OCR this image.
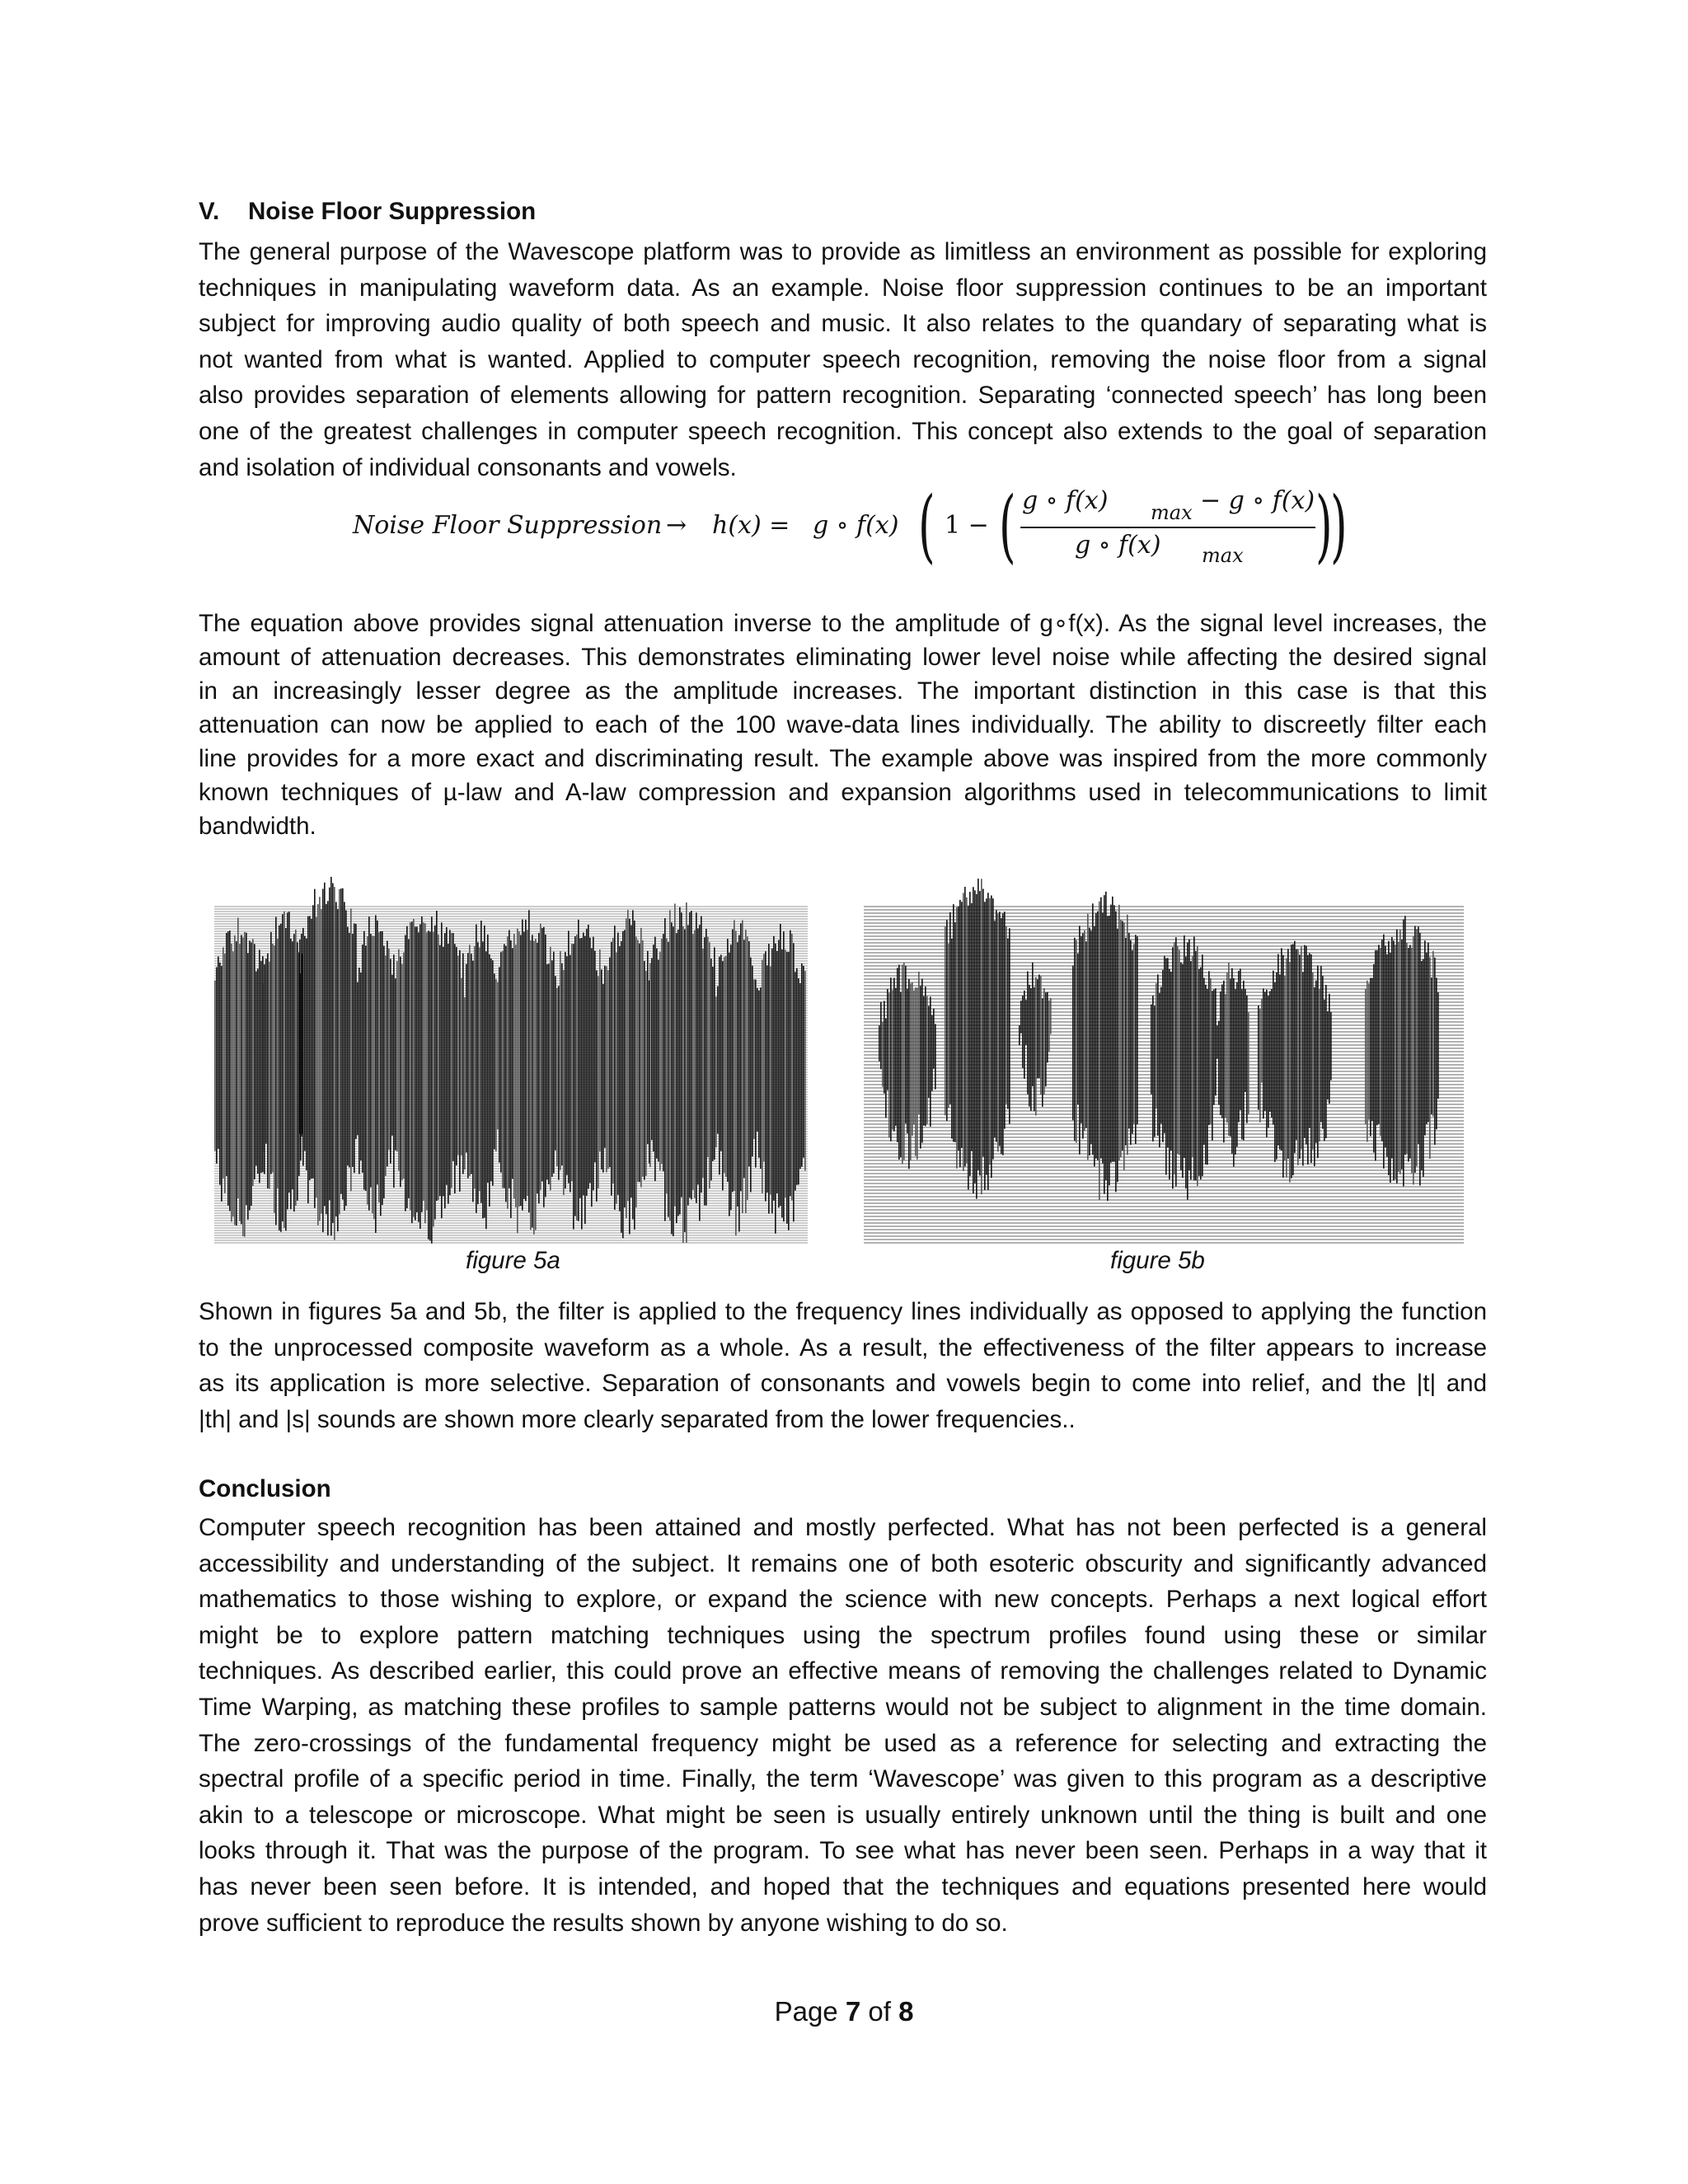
V. Noise Floor Suppression
The general purpose of the Wavescope platform was to provide as limitless an environment as possible for exploring
techniques in manipulating waveform data. As an example. Noise floor suppression continues to be an important
subject for improving audio quality of both speech and music. It also relates to the quandary of separating what is
not wanted from what is wanted. Applied to computer speech recognition, removing the noise floor from a signal
also provides separation of elements allowing for pattern recognition. Separating ‘connected speech’ has long been
one of the greatest challenges in computer speech recognition. This concept also extends to the goal of separation
and isolation of individual consonants and vowels.
Noise Floor Suppression → h(x) = g ∘ f(x) ( 1 − ( g ∘ f(x) max − g ∘ f(x)
g ∘ f(x) max )
)
The equation above provides signal attenuation inverse to the amplitude of g∘f(x). As the signal level increases, the
amount of attenuation decreases. This demonstrates eliminating lower level noise while affecting the desired signal
in an increasingly lesser degree as the amplitude increases. The important distinction in this case is that this
attenuation can now be applied to each of the 100 wave-data lines individually. The ability to discreetly filter each
line provides for a more exact and discriminating result. The example above was inspired from the more commonly
known techniques of µ-law and A-law compression and expansion algorithms used in telecommunications to limit
bandwidth.
figure 5a	figure 5b
Shown in figures 5a and 5b, the filter is applied to the frequency lines individually as opposed to applying the function
to the unprocessed composite waveform as a whole. As a result, the effectiveness of the filter appears to increase
as its application is more selective. Separation of consonants and vowels begin to come into relief, and the |t| and
|th| and |s| sounds are shown more clearly separated from the lower frequencies..
Conclusion
Computer speech recognition has been attained and mostly perfected. What has not been perfected is a general
accessibility and understanding of the subject. It remains one of both esoteric obscurity and significantly advanced
mathematics to those wishing to explore, or expand the science with new concepts. Perhaps a next logical effort
might be to explore pattern matching techniques using the spectrum profiles found using these or similar
techniques. As described earlier, this could prove an effective means of removing the challenges related to Dynamic
Time Warping, as matching these profiles to sample patterns would not be subject to alignment in the time domain.
The zero-crossings of the fundamental frequency might be used as a reference for selecting and extracting the
spectral profile of a specific period in time. Finally, the term ‘Wavescope’ was given to this program as a descriptive
akin to a telescope or microscope. What might be seen is usually entirely unknown until the thing is built and one
looks through it. That was the purpose of the program. To see what has never been seen. Perhaps in a way that it
has never been seen before. It is intended, and hoped that the techniques and equations presented here would
prove sufficient to reproduce the results shown by anyone wishing to do so.
Page 7 of 8
